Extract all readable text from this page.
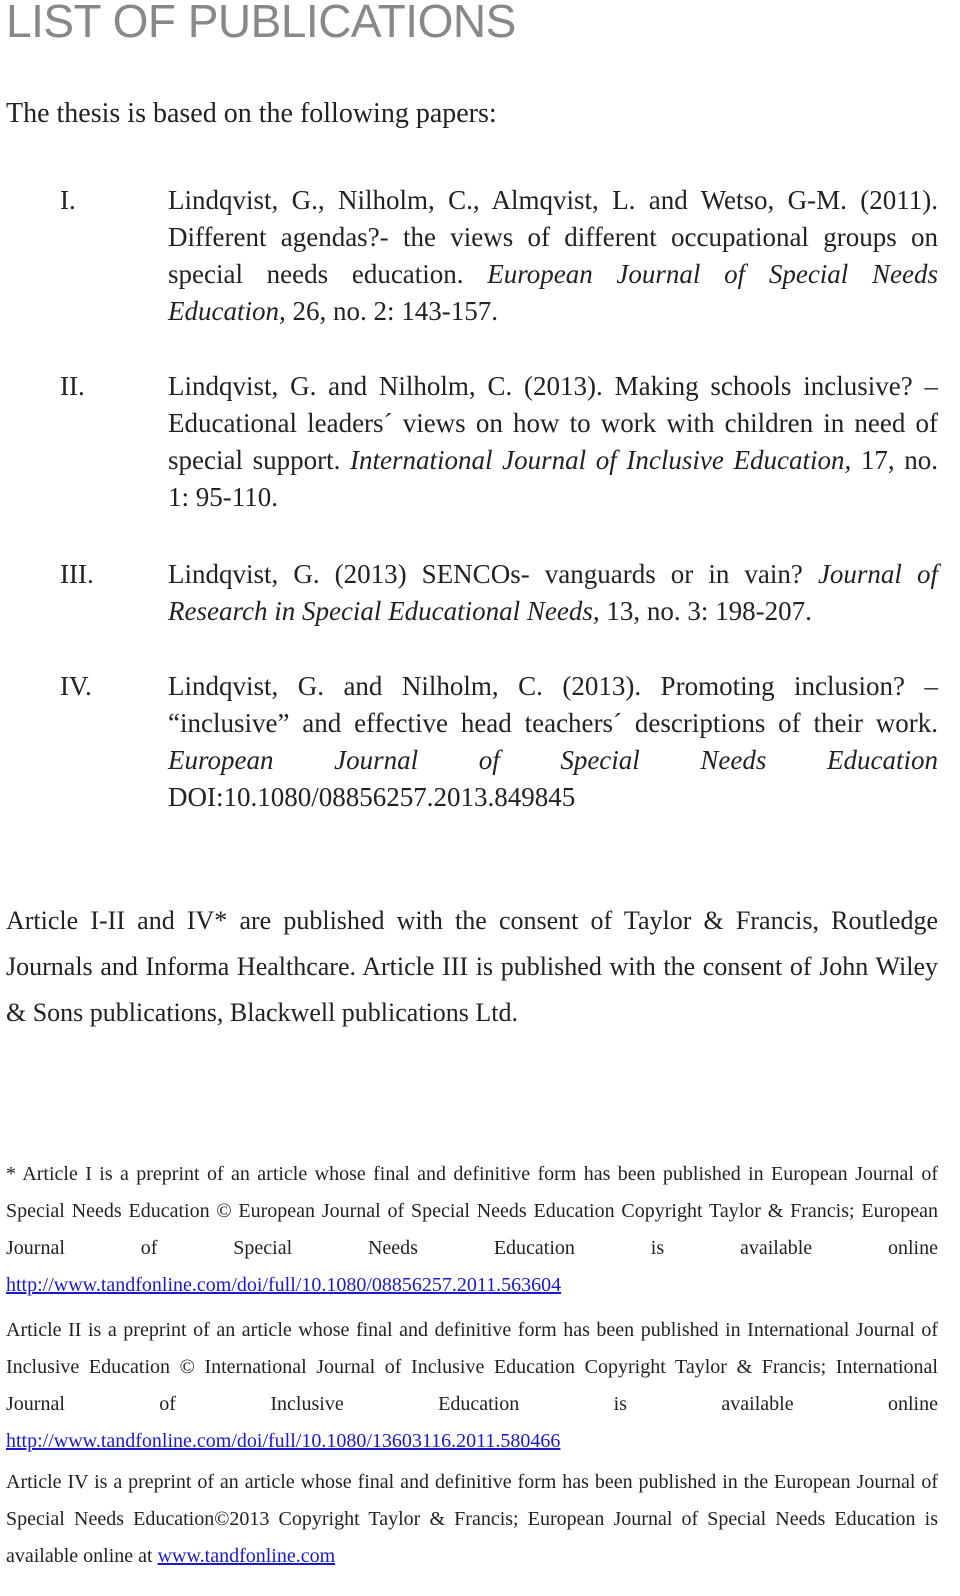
LIST OF PUBLICATIONS
The thesis is based on the following papers:
I.	Lindqvist, G., Nilholm, C., Almqvist, L. and Wetso, G-M. (2011). Different agendas?- the views of different occupational groups on special needs education. European Journal of Special Needs Education, 26, no. 2: 143-157.
II.	Lindqvist, G. and Nilholm, C. (2013). Making schools inclusive? – Educational leaders´ views on how to work with children in need of special support. International Journal of Inclusive Education, 17, no. 1: 95-110.
III.	Lindqvist, G. (2013) SENCOs- vanguards or in vain? Journal of Research in Special Educational Needs, 13, no. 3: 198-207.
IV.	Lindqvist, G. and Nilholm, C. (2013). Promoting inclusion? – “inclusive” and effective head teachers´ descriptions of their work. European Journal of Special Needs Education DOI:10.1080/08856257.2013.849845
Article I-II and IV* are published with the consent of Taylor & Francis, Routledge Journals and Informa Healthcare. Article III is published with the consent of John Wiley & Sons publications, Blackwell publications Ltd.
* Article I is a preprint of an article whose final and definitive form has been published in European Journal of Special Needs Education © European Journal of Special Needs Education Copyright Taylor & Francis; European Journal of Special Needs Education is available online http://www.tandfonline.com/doi/full/10.1080/08856257.2011.563604
Article II is a preprint of an article whose final and definitive form has been published in International Journal of Inclusive Education © International Journal of Inclusive Education Copyright Taylor & Francis; International Journal of Inclusive Education is available online http://www.tandfonline.com/doi/full/10.1080/13603116.2011.580466
Article IV is a preprint of an article whose final and definitive form has been published in the European Journal of Special Needs Education©2013 Copyright Taylor & Francis; European Journal of Special Needs Education is available online at www.tandfonline.com
